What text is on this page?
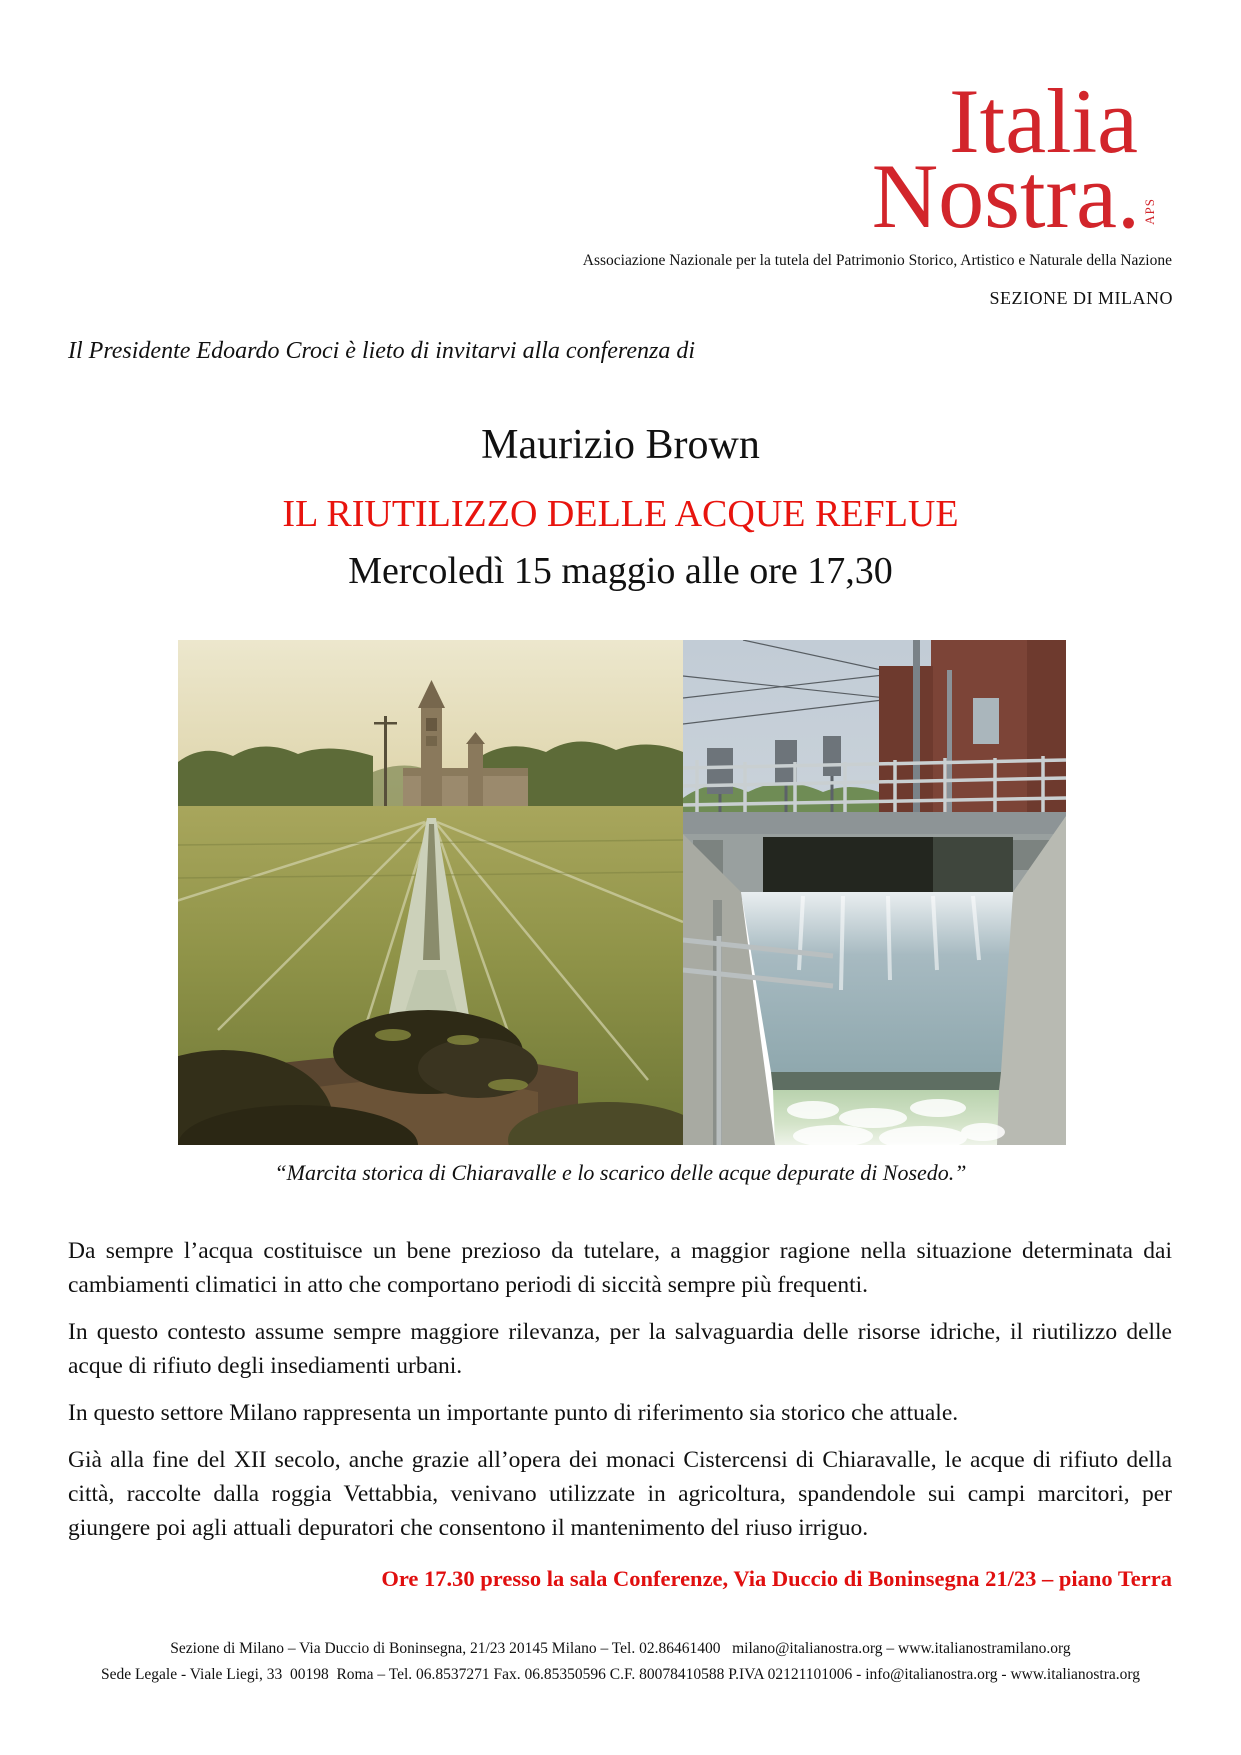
Italia
Nostra. APS
Associazione Nazionale per la tutela del Patrimonio Storico, Artistico e Naturale della Nazione
SEZIONE DI MILANO
Il Presidente Edoardo Croci è lieto di invitarvi alla conferenza di
Maurizio Brown
IL RIUTILIZZO DELLE ACQUE REFLUE
Mercoledì 15 maggio alle ore 17,30
“Marcita storica di Chiaravalle e lo scarico delle acque depurate di Nosedo.”

Da sempre l’acqua costituisce un bene prezioso da tutelare, a maggior ragione nella situazione determinata dai cambiamenti climatici in atto che comportano periodi di siccità sempre più frequenti.

In questo contesto assume sempre maggiore rilevanza, per la salvaguardia delle risorse idriche, il riutilizzo delle acque di rifiuto degli insediamenti urbani.

In questo settore Milano rappresenta un importante punto di riferimento sia storico che attuale.

Già alla fine del XII secolo, anche grazie all’opera dei monaci Cistercensi di Chiaravalle, le acque di rifiuto della città, raccolte dalla roggia Vettabbia, venivano utilizzate in agricoltura, spandendole sui campi marcitori, per giungere poi agli attuali depuratori che consentono il mantenimento del riuso irriguo.

Ore 17.30 presso la sala Conferenze, Via Duccio di Boninsegna 21/23 – piano Terra
Sezione di Milano – Via Duccio di Boninsegna, 21/23 20145 Milano – Tel. 02.86461400   milano@italianostra.org – www.italianostramilano.org
Sede Legale - Viale Liegi, 33  00198  Roma – Tel. 06.8537271 Fax. 06.85350596 C.F. 80078410588 P.IVA 02121101006 - info@italianostra.org - www.italianostra.org
